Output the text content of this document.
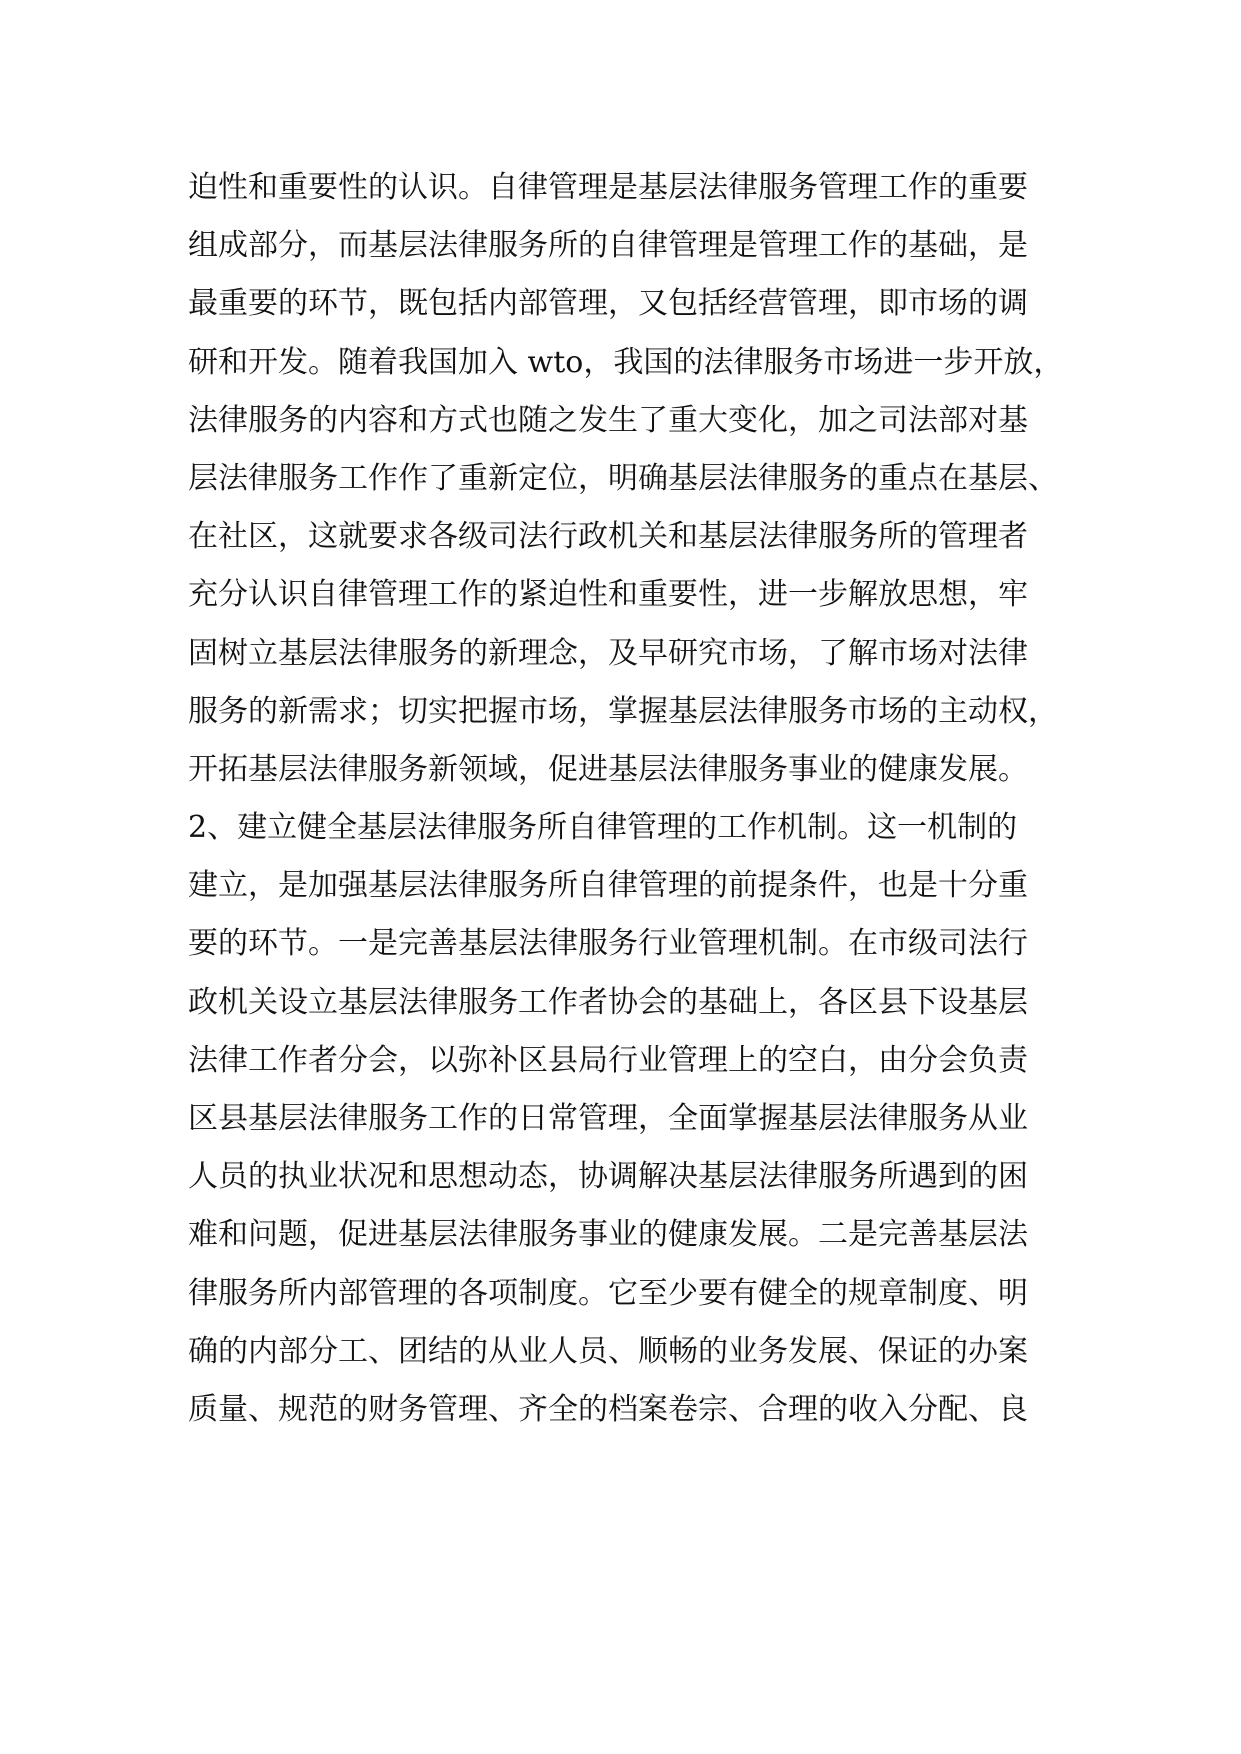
迫性和重要性的认识。自律管理是基层法律服务管理工作的重要
组成部分，而基层法律服务所的自律管理是管理工作的基础，是
最重要的环节，既包括内部管理，又包括经营管理，即市场的调
研和开发。随着我国加入 wto，我国的法律服务市场进一步开放，
法律服务的内容和方式也随之发生了重大变化，加之司法部对基
层法律服务工作作了重新定位，明确基层法律服务的重点在基层、
在社区，这就要求各级司法行政机关和基层法律服务所的管理者
充分认识自律管理工作的紧迫性和重要性，进一步解放思想，牢
固树立基层法律服务的新理念，及早研究市场，了解市场对法律
服务的新需求；切实把握市场，掌握基层法律服务市场的主动权，
开拓基层法律服务新领域，促进基层法律服务事业的健康发展。
2、建立健全基层法律服务所自律管理的工作机制。这一机制的
建立，是加强基层法律服务所自律管理的前提条件，也是十分重
要的环节。一是完善基层法律服务行业管理机制。在市级司法行
政机关设立基层法律服务工作者协会的基础上，各区县下设基层
法律工作者分会，以弥补区县局行业管理上的空白，由分会负责
区县基层法律服务工作的日常管理，全面掌握基层法律服务从业
人员的执业状况和思想动态，协调解决基层法律服务所遇到的困
难和问题，促进基层法律服务事业的健康发展。二是完善基层法
律服务所内部管理的各项制度。它至少要有健全的规章制度、明
确的内部分工、团结的从业人员、顺畅的业务发展、保证的办案
质量、规范的财务管理、齐全的档案卷宗、合理的收入分配、良
